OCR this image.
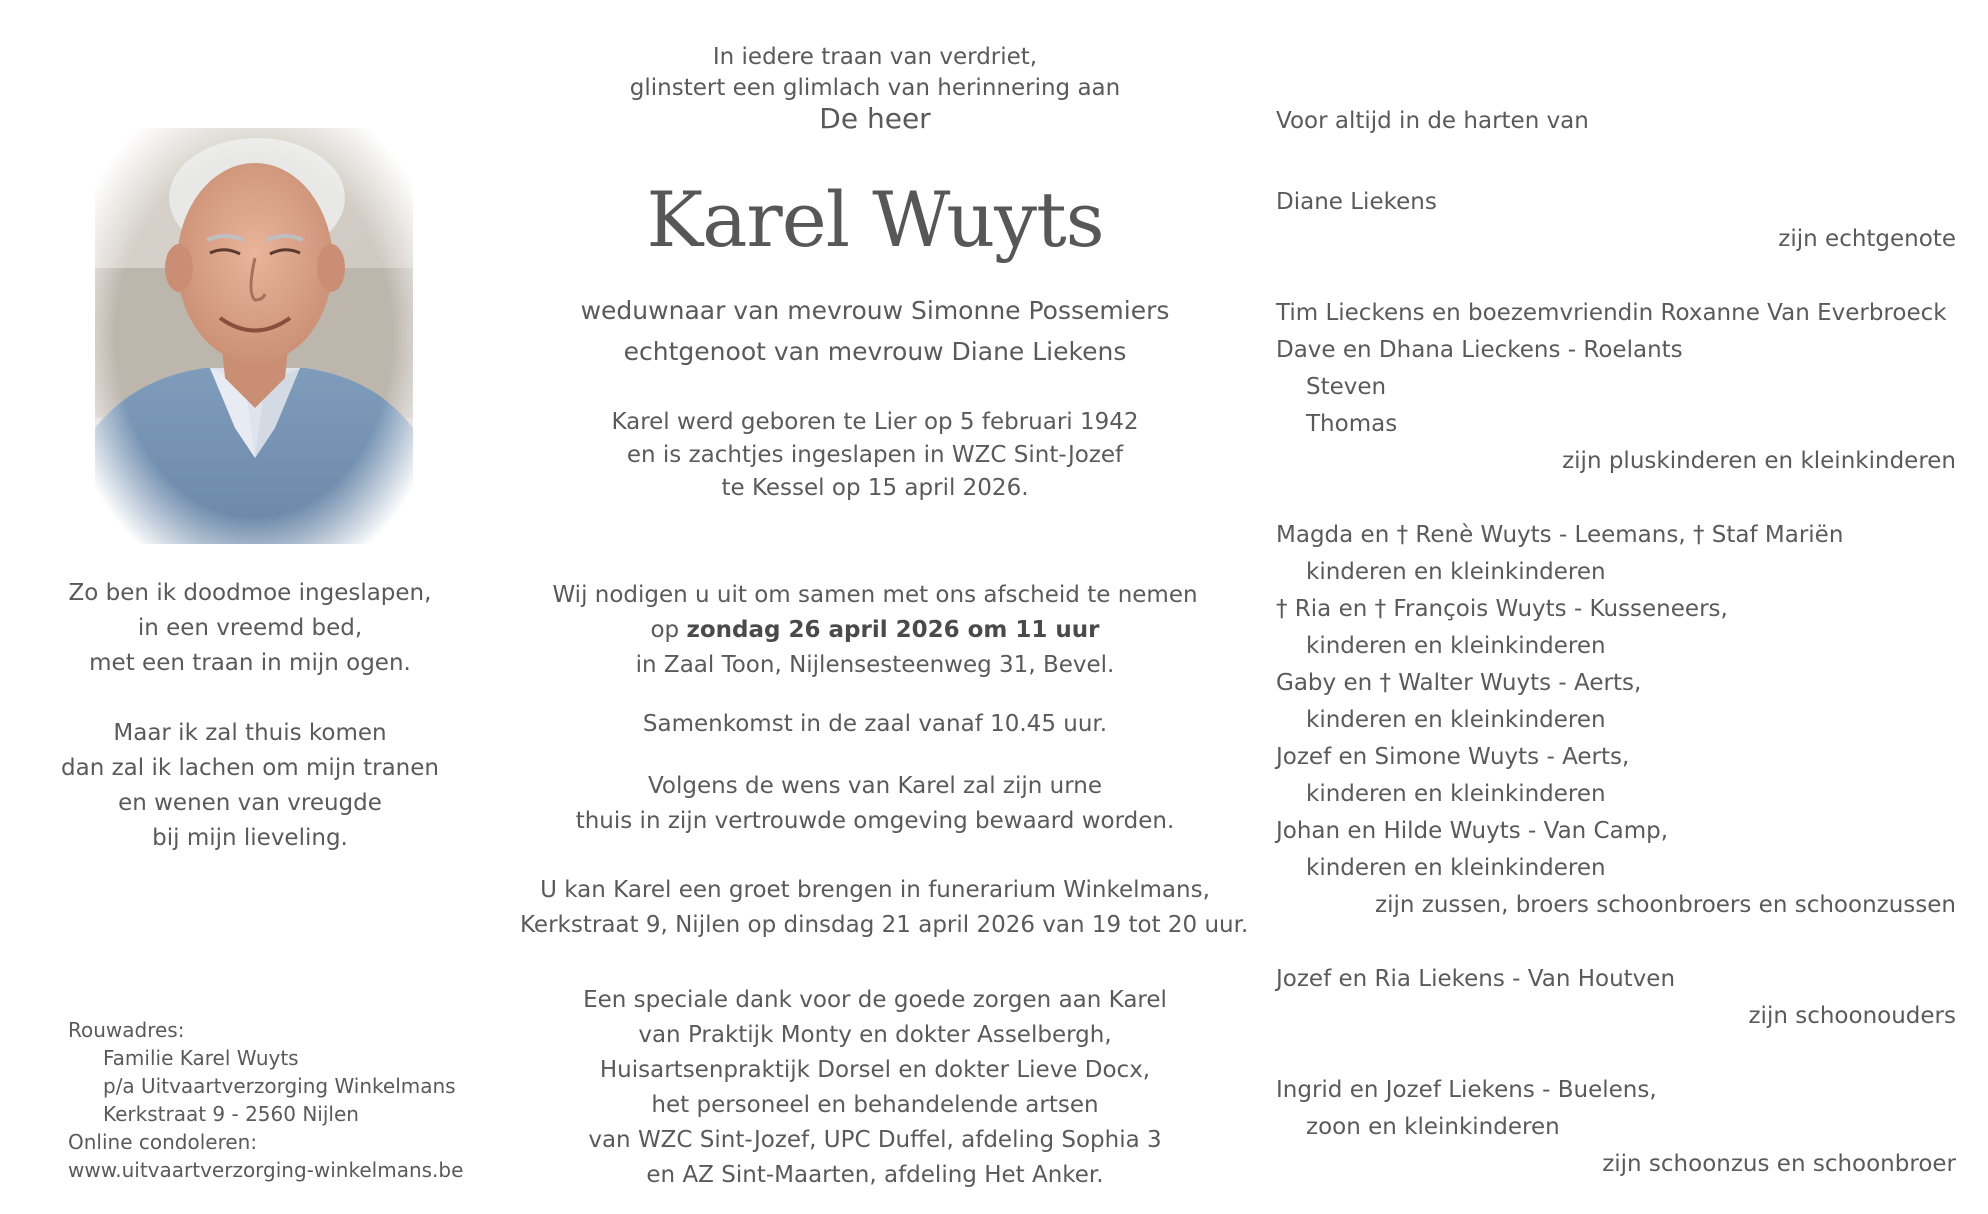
Zo ben ik doodmoe ingeslapen,
in een vreemd bed,
met een traan in mijn ogen.
Maar ik zal thuis komen
dan zal ik lachen om mijn tranen
en wenen van vreugde
bij mijn lieveling.
Rouwadres:
Familie Karel Wuyts
p/a Uitvaartverzorging Winkelmans
Kerkstraat 9 - 2560 Nijlen
Online condoleren:
www.uitvaartverzorging-winkelmans.be
In iedere traan van verdriet,
glinstert een glimlach van herinnering aan
De heer
Karel Wuyts
weduwnaar van mevrouw Simonne Possemiers
echtgenoot van mevrouw Diane Liekens
Karel werd geboren te Lier op 5 februari 1942
en is zachtjes ingeslapen in WZC Sint-Jozef
te Kessel op 15 april 2026.
Wij nodigen u uit om samen met ons afscheid te nemen
op zondag 26 april 2026 om 11 uur
in Zaal Toon, Nijlensesteenweg 31, Bevel.
Samenkomst in de zaal vanaf 10.45 uur.
Volgens de wens van Karel zal zijn urne
thuis in zijn vertrouwde omgeving bewaard worden.
U kan Karel een groet brengen in funerarium Winkelmans,
Kerkstraat 9, Nijlen op dinsdag 21 april 2026 van 19 tot 20 uur.
Een speciale dank voor de goede zorgen aan Karel
van Praktijk Monty en dokter Asselbergh,
Huisartsenpraktijk Dorsel en dokter Lieve Docx,
het personeel en behandelende artsen
van WZC Sint-Jozef, UPC Duffel, afdeling Sophia 3
en AZ Sint-Maarten, afdeling Het Anker.
Voor altijd in de harten van
Diane Liekens
zijn echtgenote
Tim Lieckens en boezemvriendin Roxanne Van Everbroeck
Dave en Dhana Lieckens - Roelants
Steven
Thomas
zijn pluskinderen en kleinkinderen
Magda en † Renè Wuyts - Leemans, † Staf Mariën
kinderen en kleinkinderen
† Ria en † François Wuyts - Kusseneers,
kinderen en kleinkinderen
Gaby en † Walter Wuyts - Aerts,
kinderen en kleinkinderen
Jozef en Simone Wuyts - Aerts,
kinderen en kleinkinderen
Johan en Hilde Wuyts - Van Camp,
kinderen en kleinkinderen
zijn zussen, broers schoonbroers en schoonzussen
Jozef en Ria Liekens - Van Houtven
zijn schoonouders
Ingrid en Jozef Liekens - Buelens,
zoon en kleinkinderen
zijn schoonzus en schoonbroer
